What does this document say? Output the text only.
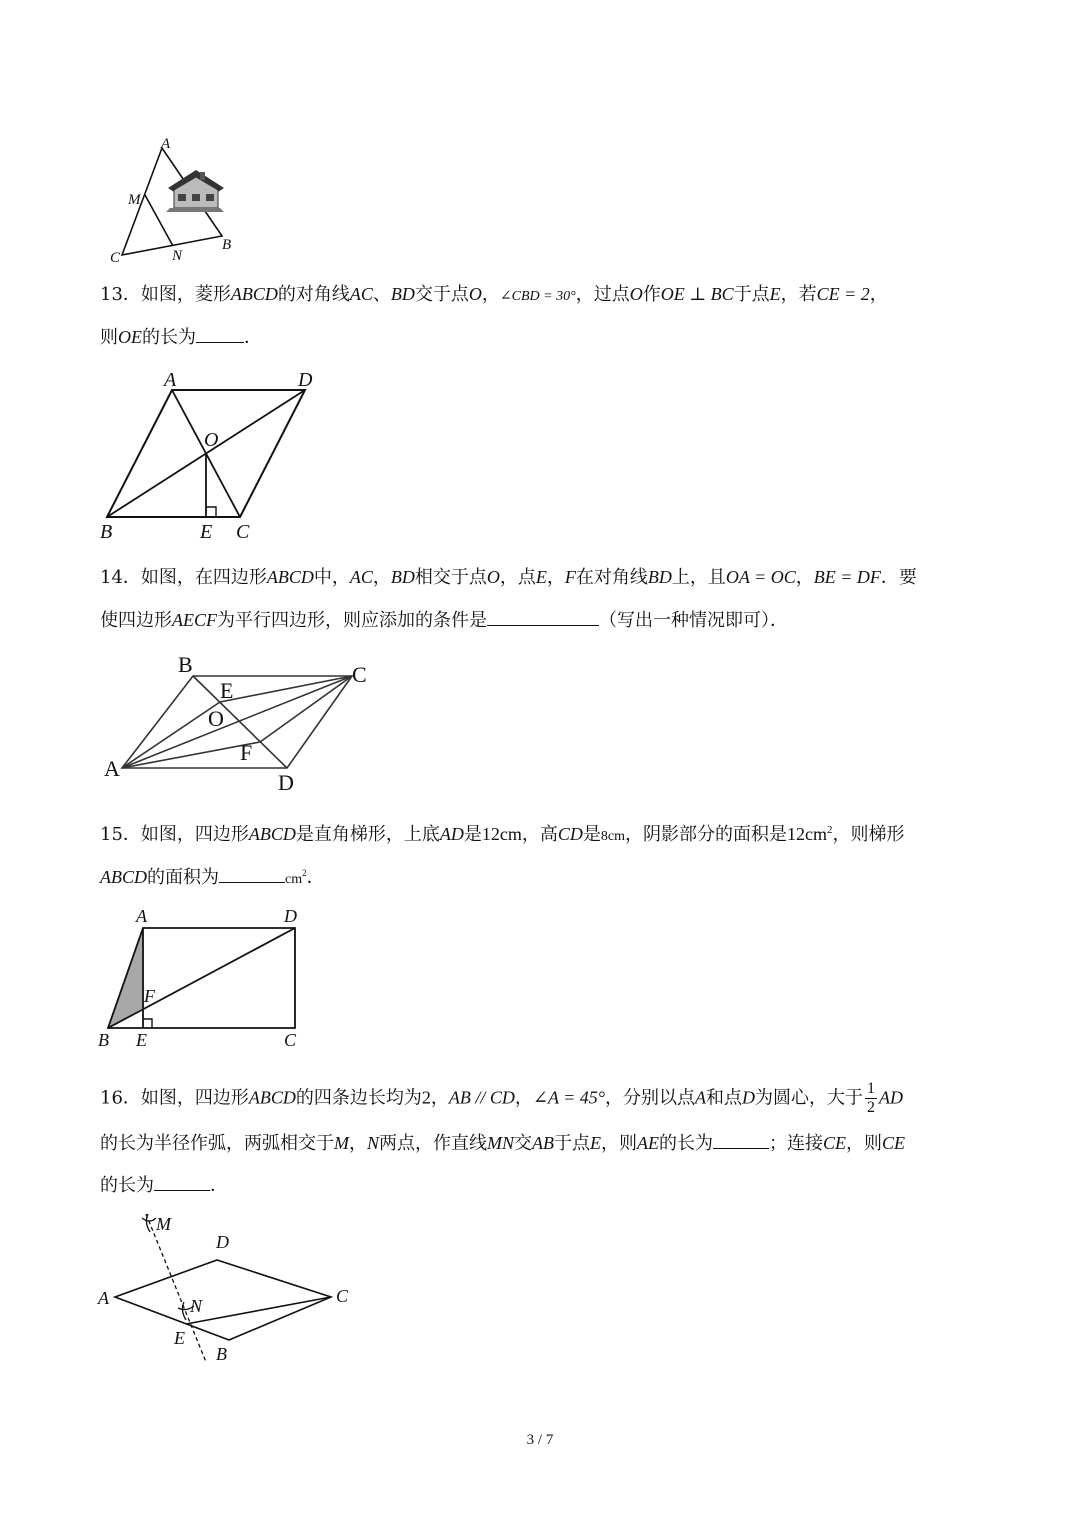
A
M
C	N
B
13．如图，菱形ABCD的对角线AC、BD交于点O，∠CBD = 30°，过点O作OE ⊥ BC于点E，若CE = 2，
则OE的长为	．
A	D
O
B	E C
14．如图，在四边形ABCD中，AC，BD相交于点O，点E，F在对角线BD上，且OA = OC，BE = DF．要
使四边形AECF为平行四边形，则应添加的条件是	（写出一种情况即可）．
B	C
E
O
F
A
D
15．如图，四边形ABCD是直角梯形，上底AD是12cm，高CD是8cm，阴影部分的面积是$12cm^2$，则梯形
ABCD的面积为	$cm^2$．
A	D
F
B E	C
16．如图，四边形ABCD的四条边长均为2，AB // CD，∠A = 45°，分别以点A和点D为圆心，大于 $\frac{1}{2}$ AD
的长为半径作弧，两弧相交于M，N两点，作直线MN交AB于点E，则AE的长为	；连接CE，则CE
的长为	．
M
D
A	N	C
E
B
3 / 7
